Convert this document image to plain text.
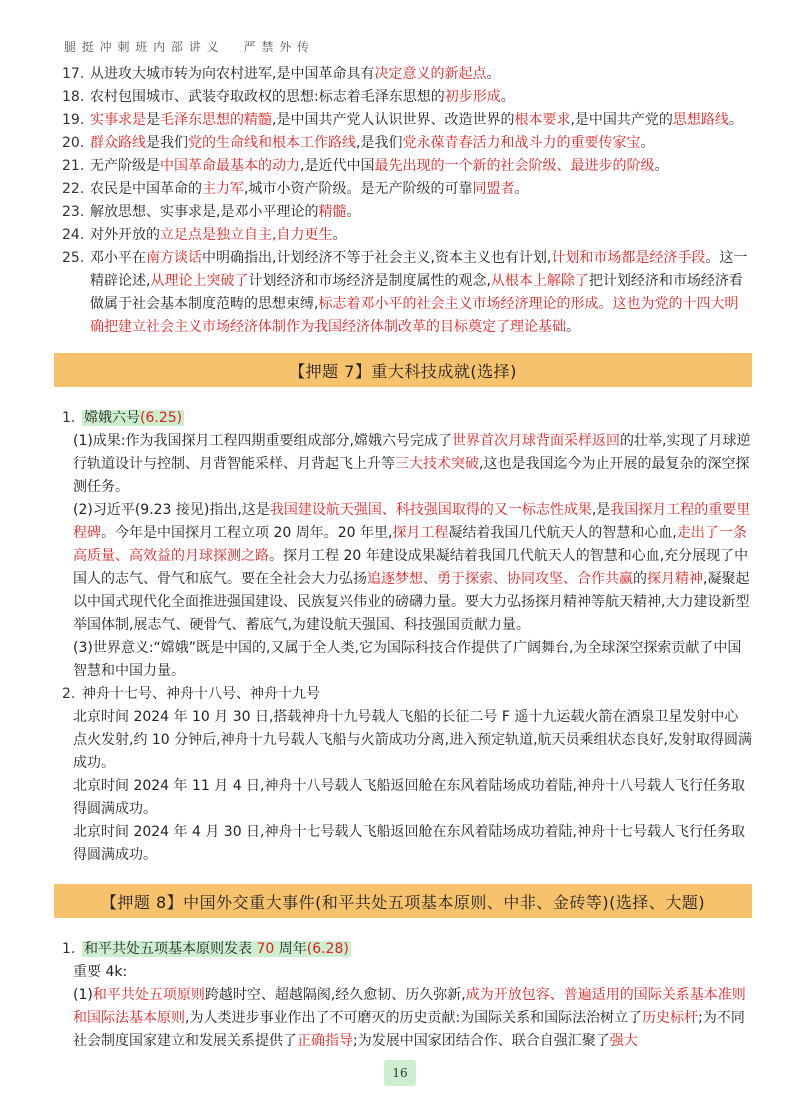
腿 挺 冲 刺 班 内 部 讲 义 严 禁 外 传
17. 从进攻大城市转为向农村进军,是中国革命具有决定意义的新起点。
18. 农村包围城市、武装夺取政权的思想:标志着毛泽东思想的初步形成。
19. 实事求是是毛泽东思想的精髓,是中国共产党人认识世界、改造世界的根本要求,是中国共产党的思想路线。
20. 群众路线是我们党的生命线和根本工作路线,是我们党永葆青春活力和战斗力的重要传家宝。
21. 无产阶级是中国革命最基本的动力,是近代中国最先出现的一个新的社会阶级、最进步的阶级。
22. 农民是中国革命的主力军,城市小资产阶级。是无产阶级的可靠同盟者。
23. 解放思想、实事求是,是邓小平理论的精髓。
24. 对外开放的立足点是独立自主,自力更生。
25. 邓小平在南方谈话中明确指出,计划经济不等于社会主义,资本主义也有计划,计划和市场都是经济手段。这一精辟论述,从理论上突破了计划经济和市场经济是制度属性的观念,从根本上解除了把计划经济和市场经济看做属于社会基本制度范畴的思想束缚,标志着邓小平的社会主义市场经济理论的形成。这也为党的十四大明确把建立社会主义市场经济体制作为我国经济体制改革的目标奠定了理论基础。
【押题 7】重大科技成就(选择)
1. 嫦娥六号(6.25)
(1)成果:作为我国探月工程四期重要组成部分,嫦娥六号完成了世界首次月球背面采样返回的壮举,实现了月球逆行轨道设计与控制、月背智能采样、月背起飞上升等三大技术突破,这也是我国迄今为止开展的最复杂的深空探测任务。
(2)习近平(9.23 接见)指出,这是我国建设航天强国、科技强国取得的又一标志性成果,是我国探月工程的重要里程碑。今年是中国探月工程立项 20 周年。20 年里,探月工程凝结着我国几代航天人的智慧和心血,走出了一条高质量、高效益的月球探测之路。探月工程 20 年建设成果凝结着我国几代航天人的智慧和心血,充分展现了中国人的志气、骨气和底气。要在全社会大力弘扬追逐梦想、勇于探索、协同攻坚、合作共赢的探月精神,凝聚起以中国式现代化全面推进强国建设、民族复兴伟业的磅礴力量。要大力弘扬探月精神等航天精神,大力建设新型举国体制,展志气、硬骨气、蓄底气,为建设航天强国、科技强国贡献力量。
(3)世界意义:“嫦娥”既是中国的,又属于全人类,它为国际科技合作提供了广阔舞台,为全球深空探索贡献了中国智慧和中国力量。
2. 神舟十七号、神舟十八号、神舟十九号
北京时间 2024 年 10 月 30 日,搭载神舟十九号载人飞船的长征二号 F 遥十九运载火箭在酒泉卫星发射中心点火发射,约 10 分钟后,神舟十九号载人飞船与火箭成功分离,进入预定轨道,航天员乘组状态良好,发射取得圆满成功。
北京时间 2024 年 11 月 4 日,神舟十八号载人飞船返回舱在东风着陆场成功着陆,神舟十八号载人飞行任务取得圆满成功。
北京时间 2024 年 4 月 30 日,神舟十七号载人飞船返回舱在东风着陆场成功着陆,神舟十七号载人飞行任务取得圆满成功。
【押题 8】中国外交重大事件(和平共处五项基本原则、中非、金砖等)(选择、大题)
1. 和平共处五项基本原则发表 70 周年(6.28)
重要 4k:
(1)和平共处五项原则跨越时空、超越隔阂,经久愈韧、历久弥新,成为开放包容、普遍适用的国际关系基本准则和国际法基本原则,为人类进步事业作出了不可磨灭的历史贡献:为国际关系和国际法治树立了历史标杆;为不同社会制度国家建立和发展关系提供了正确指导;为发展中国家团结合作、联合自强汇聚了强大
16
